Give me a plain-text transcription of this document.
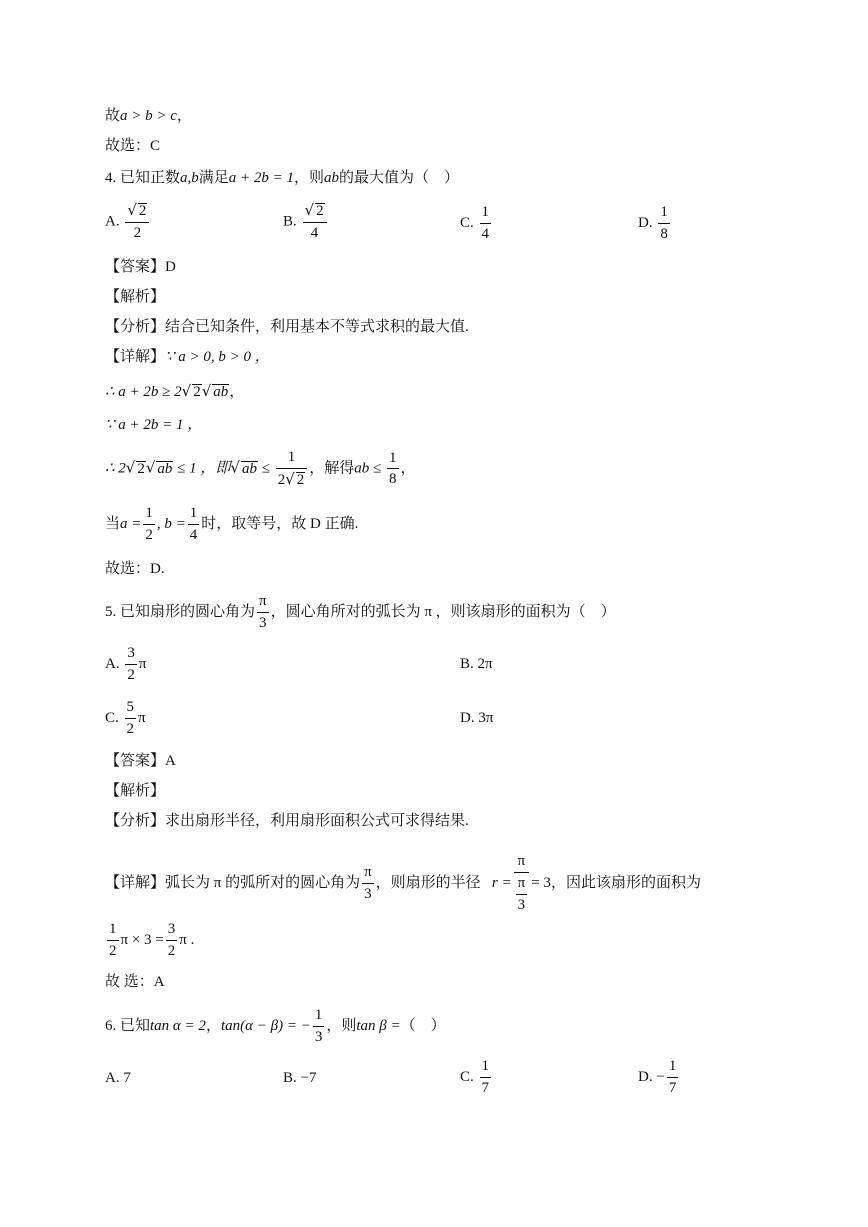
故a > b > c，
故选：C
4. 已知正数a,b满足a + 2b = 1，则ab的最大值为（　）
A. $\frac{√ 2}{2}$	B. $\frac{√ 2}{4}$	C. $\frac{1}{4}$	D. $\frac{1}{8}$
【答案】D
【解析】
【分析】结合已知条件，利用基本不等式求积的最大值.
【详解】∵ a > 0, b > 0 ，
∴ a + 2b ≥ 2√ 2√ ab，
∵ a + 2b = 1 ，
∴ 2√ 2√ ab ≤ 1 ，即√ ab ≤ $\frac{1}{2√ 2}$ ，解得ab ≤ $\frac{1}{8}$ ，
当$a = \frac{1}{2}$ , $b = \frac{1}{4}$ 时，取等号，故 D 正确.
故选：D.
5. 已知扇形的圆心角为 $\frac{\pi}{3}$ ，圆心角所对的弧长为 π ，则该扇形的面积为（　）
A. $\frac{3}{2}$ π	B. 2π
C. $\frac{5}{2}$ π	D. 3π
【答案】A
【解析】
【分析】求出扇形半径，利用扇形面积公式可求得结果.
【详解】弧长为 π 的弧所对的圆心角为 $\frac{\pi}{3}$ ，则扇形的半径 $r = \frac{\pi}{\frac{\pi}{3}} = 3$，因此该扇形的面积为
$\frac{1}{2}$ $\pi \times 3 = \frac{3}{2}$ π .
故 选：A
6. 已知tan α = 2，tan(α − β) = − $\frac{1}{3}$ ，则tan β =（　）
A. 7	B. −7	C. $\frac{1}{7}$	D. − $\frac{1}{7}$
